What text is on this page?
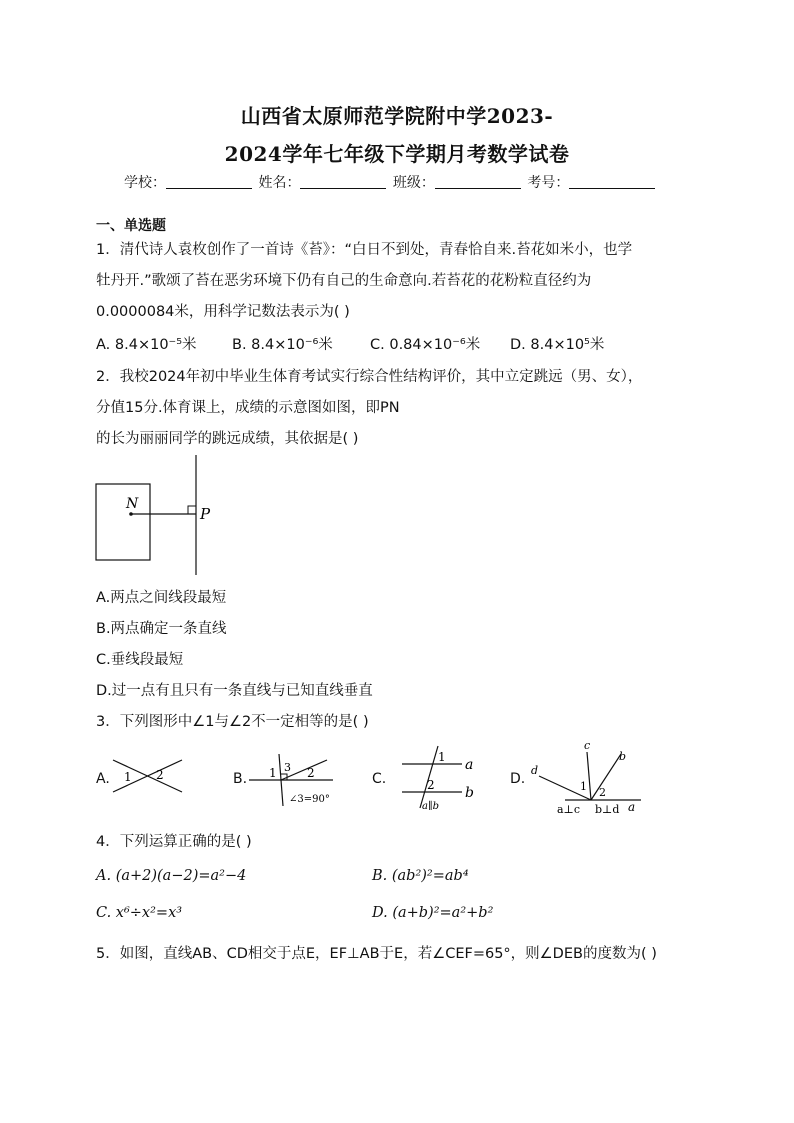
山西省太原师范学院附中学2023-
2024学年七年级下学期月考数学试卷
学校：	姓名：	班级：	考号：
一、单选题
1．清代诗人袁枚创作了一首诗《苔》：“白日不到处，青春恰自来.苔花如米小，也学
牡丹开.”歌颂了苔在恶劣环境下仍有自己的生命意向.若苔花的花粉粒直径约为
0.0000084米，用科学记数法表示为( )
A. 8.4×10⁻⁵米 B. 8.4×10⁻⁶米	C. 0.84×10⁻⁶米 D. 8.4×10⁵米
2．我校2024年初中毕业生体育考试实行综合性结构评价，其中立定跳远（男、女），
分值15分.体育课上，成绩的示意图如图，即PN
的长为丽丽同学的跳远成绩，其依据是( )
N
P
A.两点之间线段最短
B.两点确定一条直线
C.垂线段最短
D.过一点有且只有一条直线与已知直线垂直
3．下列图形中∠1与∠2不一定相等的是( )
A. 1 2	B. 1 3 2
∠3=90°
C.
1
2
a
b
a∥b
D.
c
b
d
1 2
a⊥c b⊥d a
4．下列运算正确的是( )
A. (a+2)(a−2)=a²−4	B. (ab²)²=ab⁴
C. x⁶÷x²=x³	D. (a+b)²=a²+b²
5．如图，直线AB、CD相交于点E，EF⊥AB于E，若∠CEF=65°，则∠DEB的度数为( )
